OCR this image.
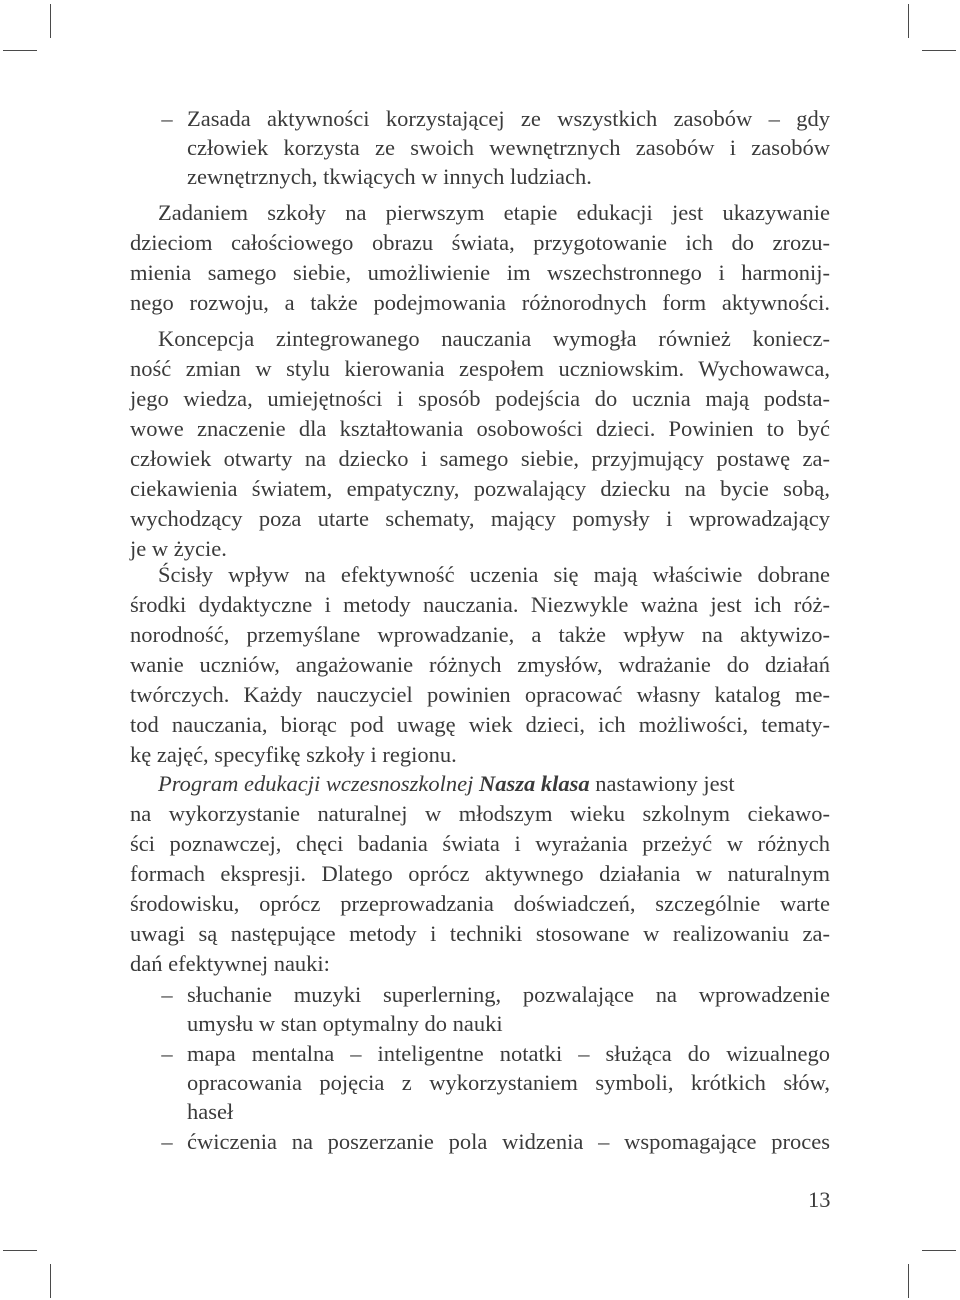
–
–
–
–
Zasada aktywności korzystającej ze wszystkich zasobów – gdy
człowiek korzysta ze swoich wewnętrznych zasobów i zasobów
zewnętrznych, tkwiących w innych ludziach.
Zadaniem szkoły na pierwszym etapie edukacji jest ukazywanie
dzieciom całościowego obrazu świata, przygotowanie ich do zrozu-
mienia samego siebie, umożliwienie im wszechstronnego i harmonij-
nego rozwoju, a także podejmowania różnorodnych form aktywności.
Koncepcja zintegrowanego nauczania wymogła również koniecz-
ność zmian w stylu kierowania zespołem uczniowskim. Wychowawca,
jego wiedza, umiejętności i sposób podejścia do ucznia mają podsta-
wowe znaczenie dla kształtowania osobowości dzieci. Powinien to być
człowiek otwarty na dziecko i samego siebie, przyjmujący postawę za-
ciekawienia światem, empatyczny, pozwalający dziecku na bycie sobą,
wychodzący poza utarte schematy, mający pomysły i wprowadzający
je w życie.
Ścisły wpływ na efektywność uczenia się mają właściwie dobrane
środki dydaktyczne i metody nauczania. Niezwykle ważna jest ich róż-
norodność, przemyślane wprowadzanie, a także wpływ na aktywizo-
wanie uczniów, angażowanie różnych zmysłów, wdrażanie do działań
twórczych. Każdy nauczyciel powinien opracować własny katalog me-
tod nauczania, biorąc pod uwagę wiek dzieci, ich możliwości, tematy-
kę zajęć, specyfikę szkoły i regionu.
Program edukacji wczesnoszkolnej Nasza klasa nastawiony jest
na wykorzystanie naturalnej w młodszym wieku szkolnym ciekawo-
ści poznawczej, chęci badania świata i wyrażania przeżyć w różnych
formach ekspresji. Dlatego oprócz aktywnego działania w naturalnym
środowisku, oprócz przeprowadzania doświadczeń, szczególnie warte
uwagi są następujące metody i techniki stosowane w realizowaniu za-
dań efektywnej nauki:
słuchanie muzyki superlerning, pozwalające na wprowadzenie
umysłu w stan optymalny do nauki
mapa mentalna – inteligentne notatki – służąca do wizualnego
opracowania pojęcia z wykorzystaniem symboli, krótkich słów,
haseł
ćwiczenia na poszerzanie pola widzenia – wspomagające proces
13
